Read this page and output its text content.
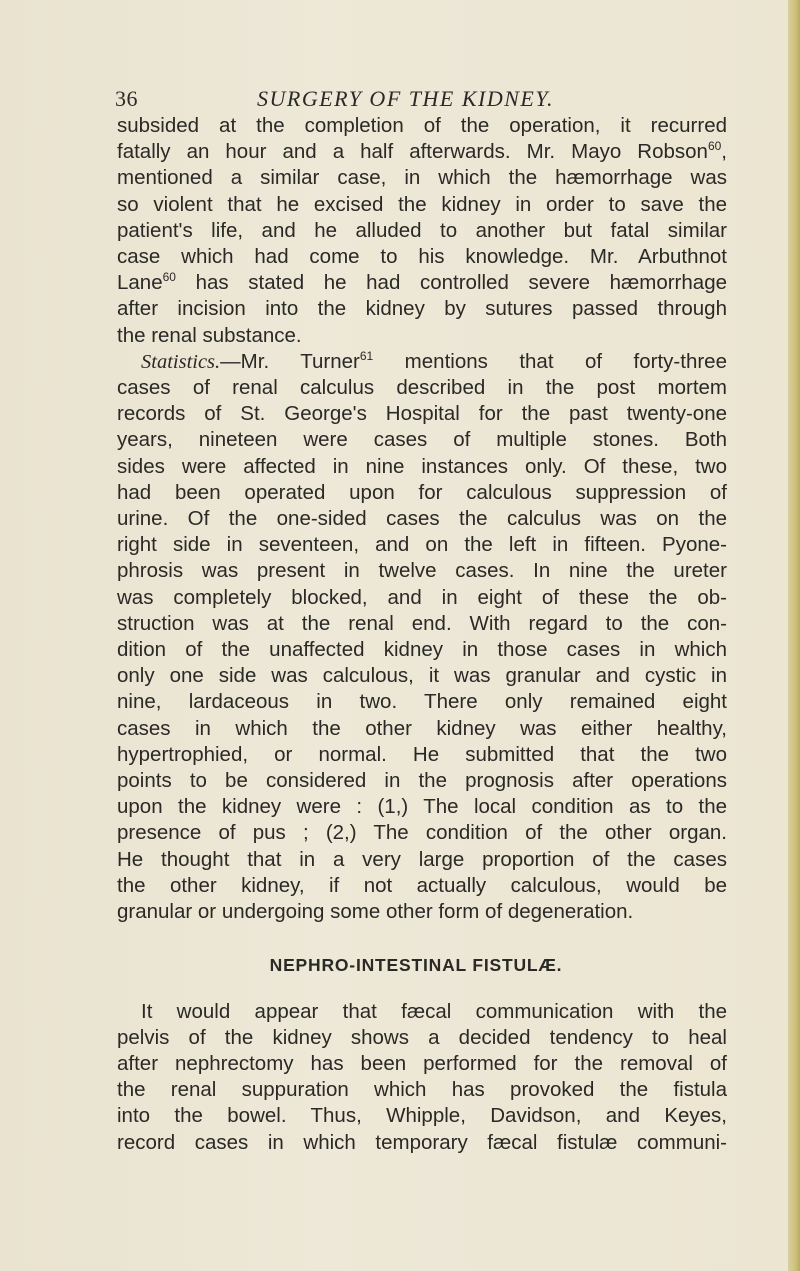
36	SURGERY OF THE KIDNEY.
subsided at the completion of the operation, it recurred
fatally an hour and a half afterwards. Mr. Mayo Robson$^{60}$,
mentioned a similar case, in which the hæmorrhage was
so violent that he excised the kidney in order to save the
patient's life, and he alluded to another but fatal similar
case which had come to his knowledge. Mr. Arbuthnot
Lane$^{60}$ has stated he had controlled severe hæmorrhage
after incision into the kidney by sutures passed through
the renal substance.
Statistics.—Mr. Turner$^{61}$ mentions that of forty-three
cases of renal calculus described in the post mortem
records of St. George's Hospital for the past twenty-one
years, nineteen were cases of multiple stones. Both
sides were affected in nine instances only. Of these, two
had been operated upon for calculous suppression of
urine. Of the one-sided cases the calculus was on the
right side in seventeen, and on the left in fifteen. Pyone-
phrosis was present in twelve cases. In nine the ureter
was completely blocked, and in eight of these the ob-
struction was at the renal end. With regard to the con-
dition of the unaffected kidney in those cases in which
only one side was calculous, it was granular and cystic in
nine, lardaceous in two. There only remained eight
cases in which the other kidney was either healthy,
hypertrophied, or normal. He submitted that the two
points to be considered in the prognosis after operations
upon the kidney were : (1,) The local condition as to the
presence of pus ; (2,) The condition of the other organ.
He thought that in a very large proportion of the cases
the other kidney, if not actually calculous, would be
granular or undergoing some other form of degeneration.
NEPHRO-INTESTINAL FISTULÆ.
It would appear that fæcal communication with the
pelvis of the kidney shows a decided tendency to heal
after nephrectomy has been performed for the removal of
the renal suppuration which has provoked the fistula
into the bowel. Thus, Whipple, Davidson, and Keyes,
record cases in which temporary fæcal fistulæ communi-
